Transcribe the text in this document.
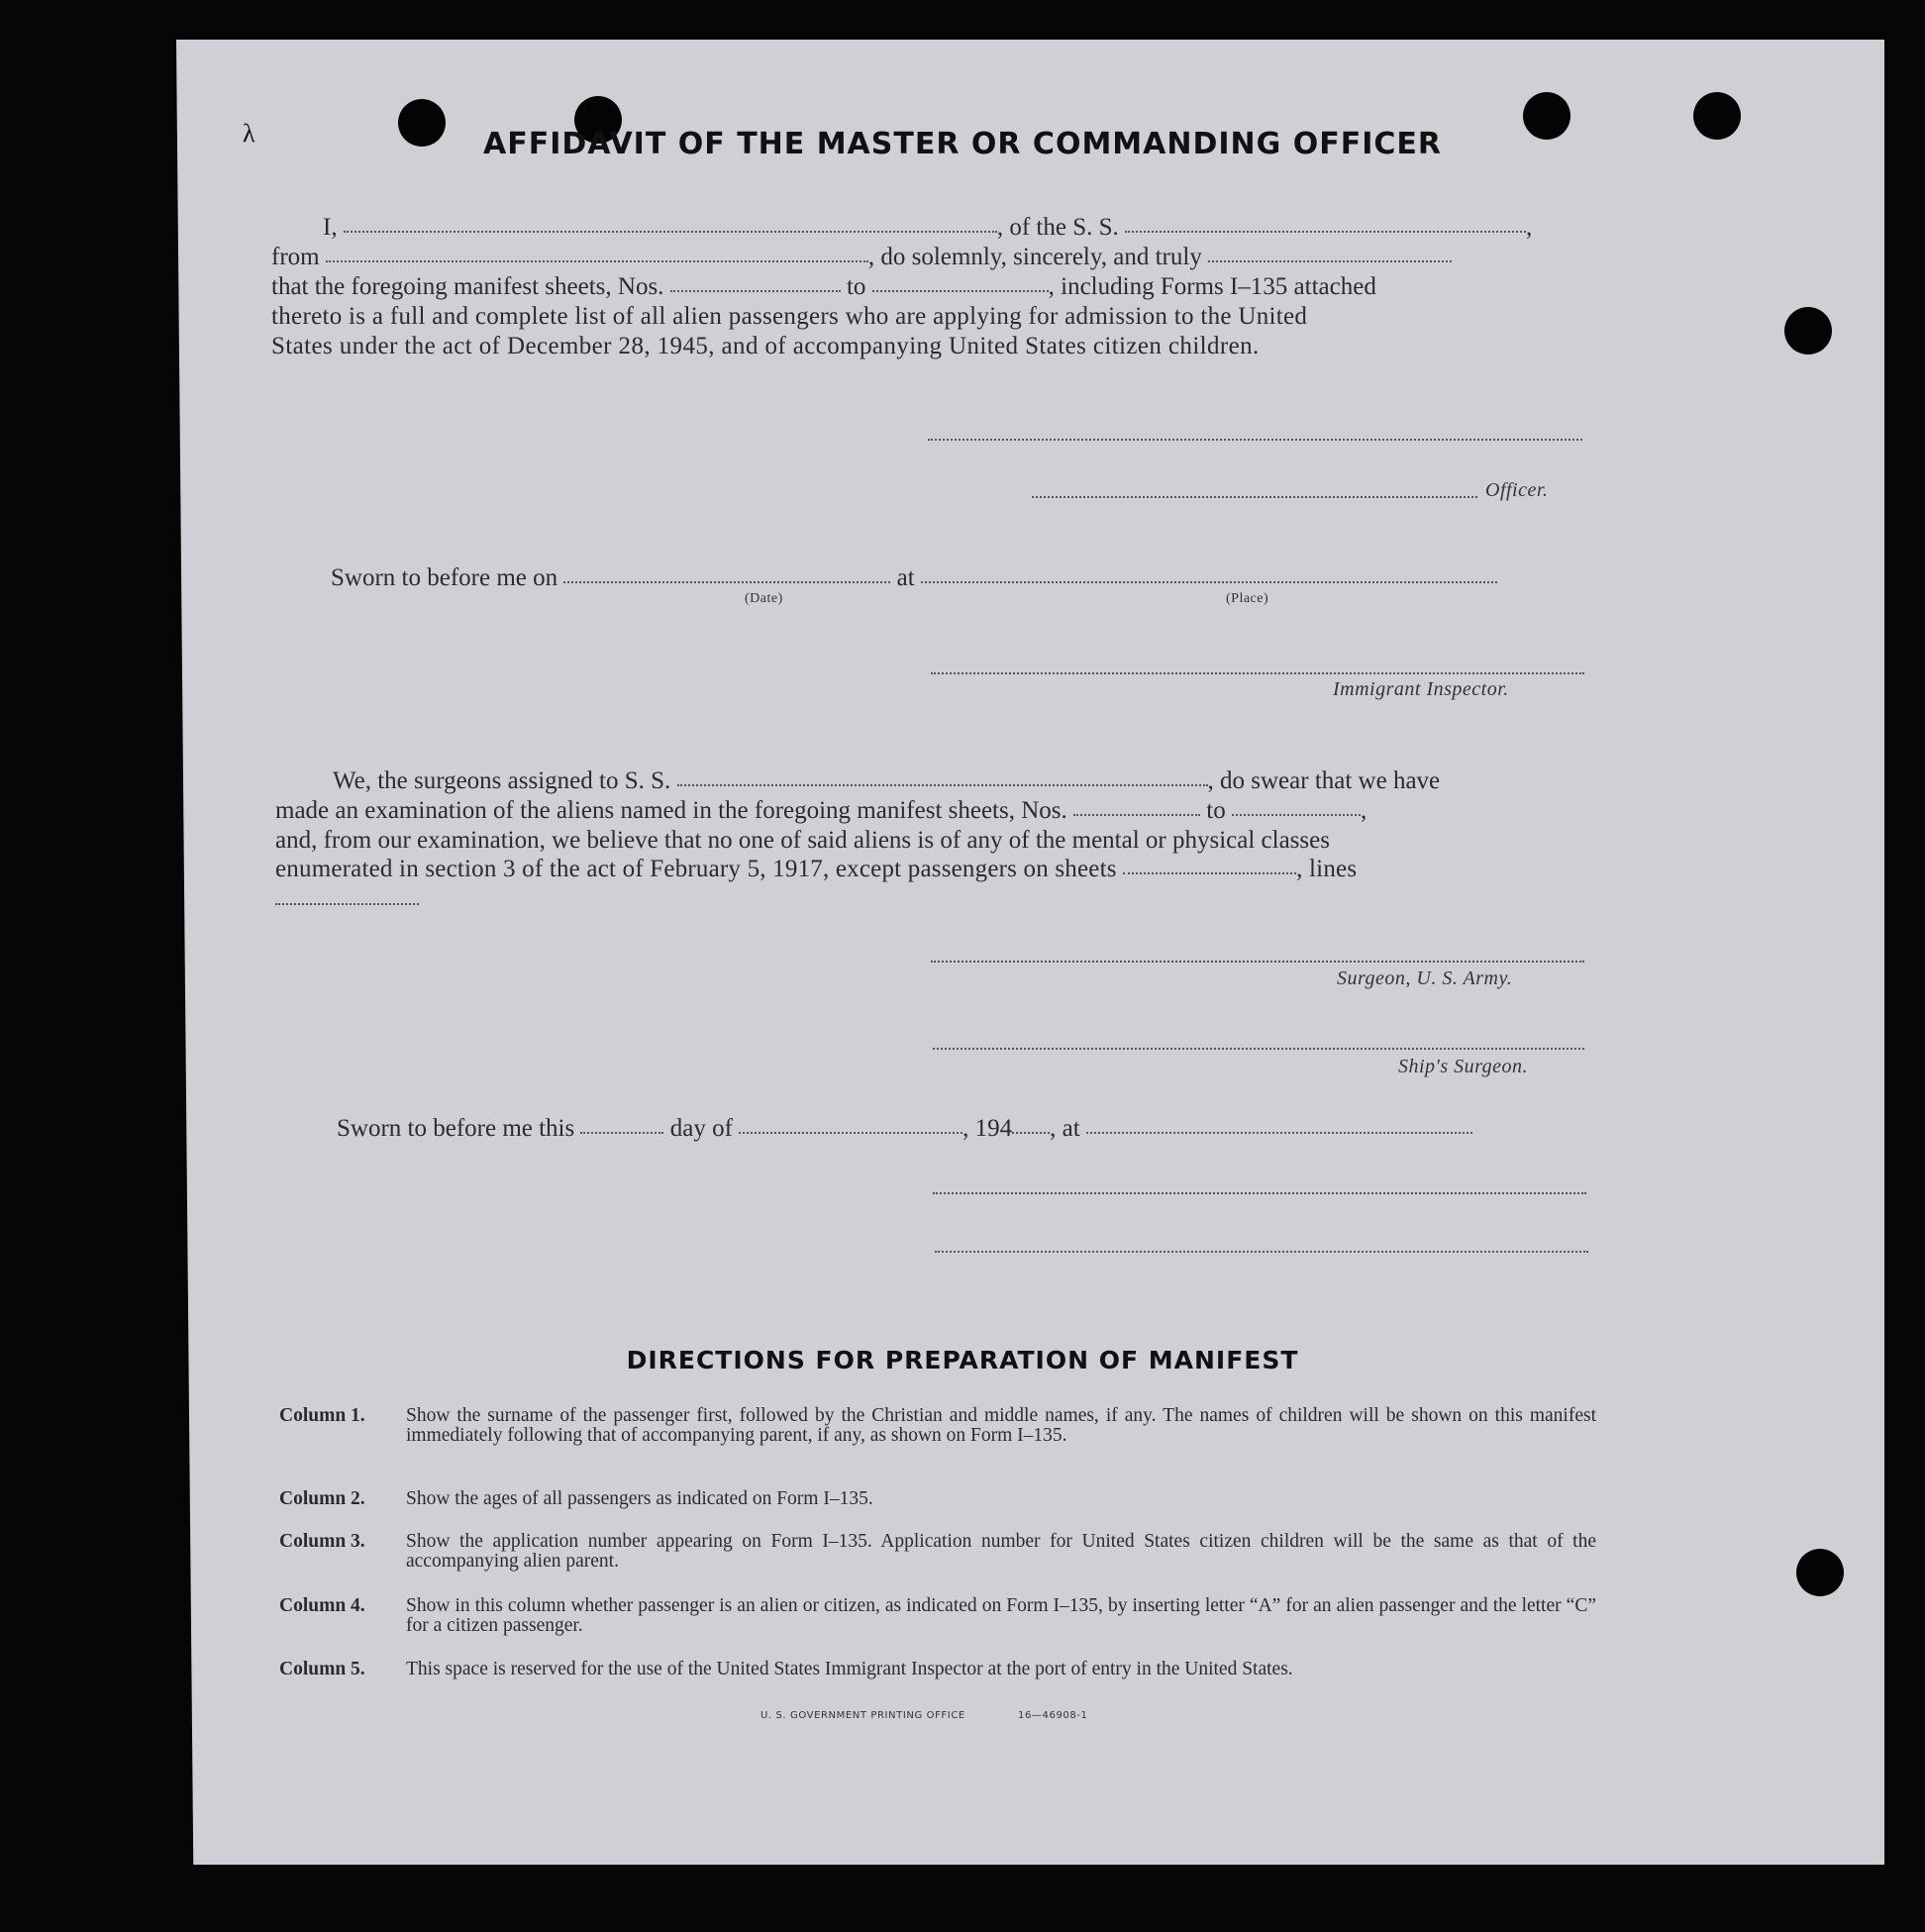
λ	AFFIDAVIT OF THE MASTER OR COMMANDING OFFICER
I,	, of the S. S.	,
from	, do solemnly, sincerely, and truly
that the foregoing manifest sheets, Nos.	to	, including Forms I–135 attached
thereto is a full and complete list of all alien passengers who are applying for admission to the United
States under the act of December 28, 1945, and of accompanying United States citizen children.
Officer.
Sworn to before me on	at
(Date)	(Place)
Immigrant Inspector.
We, the surgeons assigned to S. S.	, do swear that we have
made an examination of the aliens named in the foregoing manifest sheets, Nos.	to	,
and, from our examination, we believe that no one of said aliens is of any of the mental or physical classes
enumerated in section 3 of the act of February 5, 1917, except passengers on sheets	, lines
Surgeon, U. S. Army.
Ship's Surgeon.
Sworn to before me this	day of	, 194 , at
DIRECTIONS FOR PREPARATION OF MANIFEST
Column 1. Show the surname of the passenger first, followed by the Christian and middle names, if any. The names of children will be shown on this manifest immediately following that of accompanying parent, if any, as shown on Form I–135.
Column 2. Show the ages of all passengers as indicated on Form I–135.
Column 3. Show the application number appearing on Form I–135. Application number for United States citizen children will be the same as that of the accompanying alien parent.
Column 4. Show in this column whether passenger is an alien or citizen, as indicated on Form I–135, by inserting letter “A” for an alien passenger and the letter “C” for a citizen passenger.
Column 5. This space is reserved for the use of the United States Immigrant Inspector at the port of entry in the United States.
U. S. GOVERNMENT PRINTING OFFICE	16—46908-1
